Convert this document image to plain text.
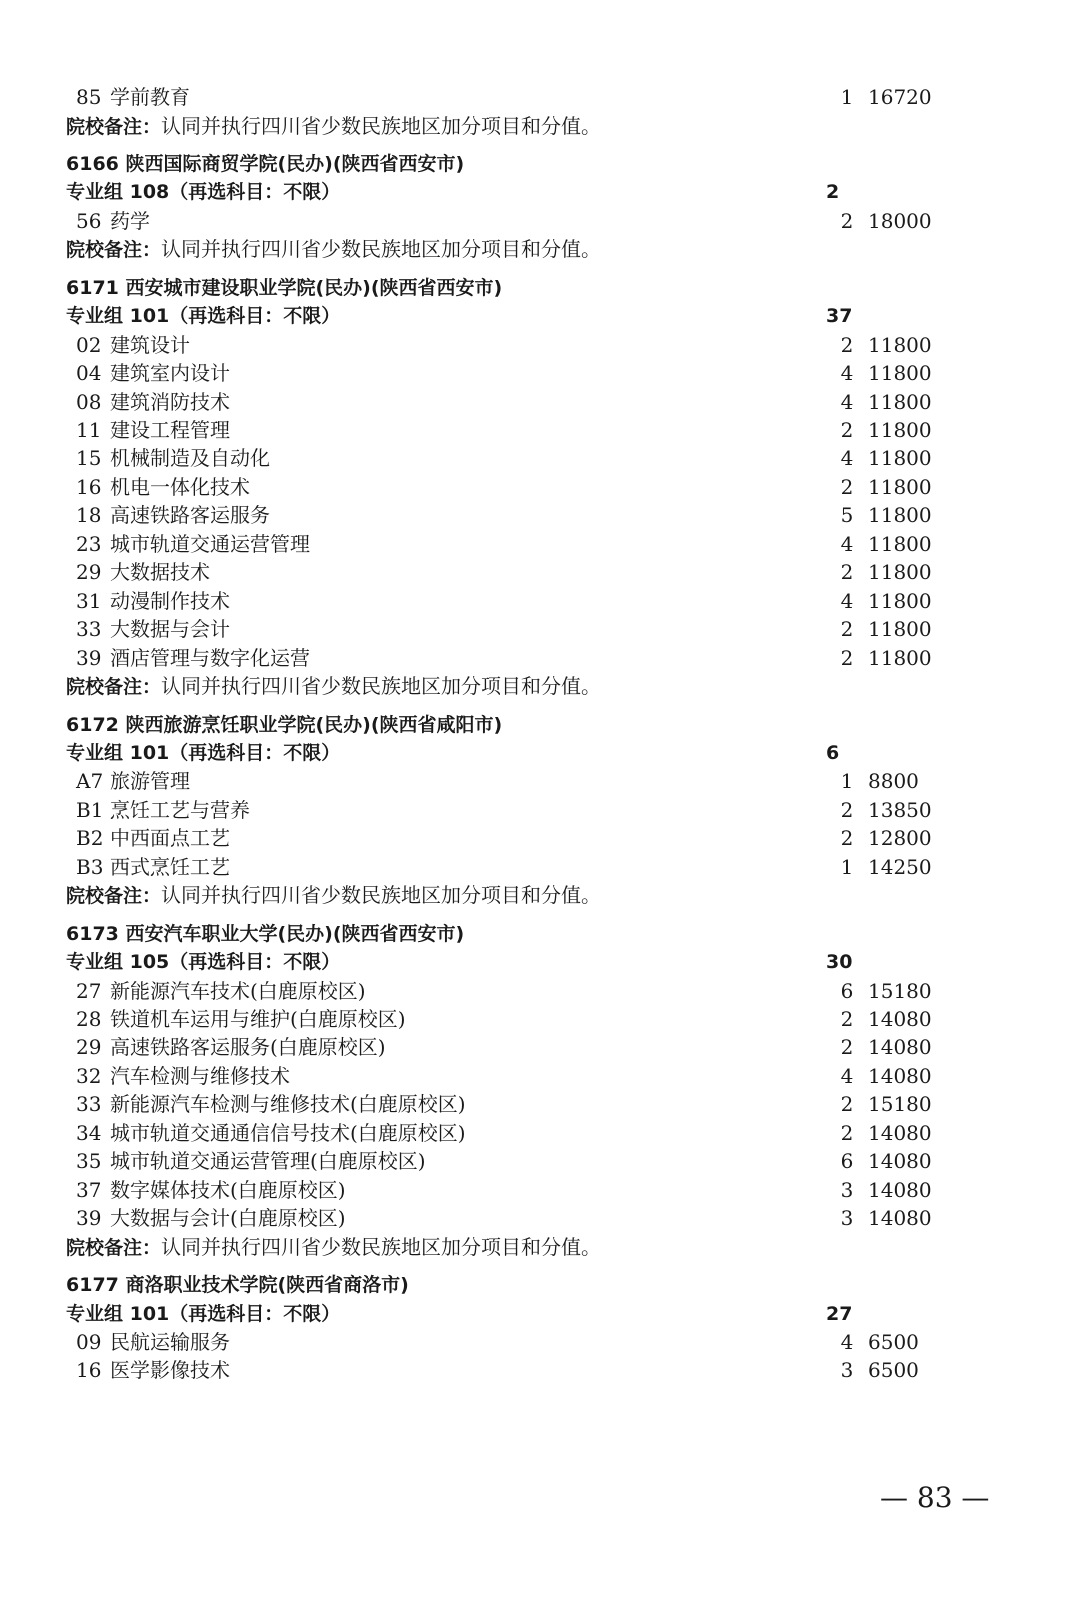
85 学前教育	1 16720
院校备注：认同并执行四川省少数民族地区加分项目和分值。
6166 陕西国际商贸学院(民办)(陕西省西安市)
专业组 108（再选科目：不限）	2
56 药学	2 18000
院校备注：认同并执行四川省少数民族地区加分项目和分值。
6171 西安城市建设职业学院(民办)(陕西省西安市)
专业组 101（再选科目：不限）	37
02 建筑设计	2 11800
04 建筑室内设计	4 11800
08 建筑消防技术	4 11800
11 建设工程管理	2 11800
15 机械制造及自动化	4 11800
16 机电一体化技术	2 11800
18 高速铁路客运服务	5 11800
23 城市轨道交通运营管理	4 11800
29 大数据技术	2 11800
31 动漫制作技术	4 11800
33 大数据与会计	2 11800
39 酒店管理与数字化运营	2 11800
院校备注：认同并执行四川省少数民族地区加分项目和分值。
6172 陕西旅游烹饪职业学院(民办)(陕西省咸阳市)
专业组 101（再选科目：不限）	6
A7 旅游管理	1 8800
B1 烹饪工艺与营养	2 13850
B2 中西面点工艺	2 12800
B3 西式烹饪工艺	1 14250
院校备注：认同并执行四川省少数民族地区加分项目和分值。
6173 西安汽车职业大学(民办)(陕西省西安市)
专业组 105（再选科目：不限）	30
27 新能源汽车技术(白鹿原校区)	6 15180
28 铁道机车运用与维护(白鹿原校区)	2 14080
29 高速铁路客运服务(白鹿原校区)	2 14080
32 汽车检测与维修技术	4 14080
33 新能源汽车检测与维修技术(白鹿原校区)	2 15180
34 城市轨道交通通信信号技术(白鹿原校区)	2 14080
35 城市轨道交通运营管理(白鹿原校区)	6 14080
37 数字媒体技术(白鹿原校区)	3 14080
39 大数据与会计(白鹿原校区)	3 14080
院校备注：认同并执行四川省少数民族地区加分项目和分值。
6177 商洛职业技术学院(陕西省商洛市)
专业组 101（再选科目：不限）	27
09 民航运输服务	4 6500
16 医学影像技术	3 6500
— 83 —
